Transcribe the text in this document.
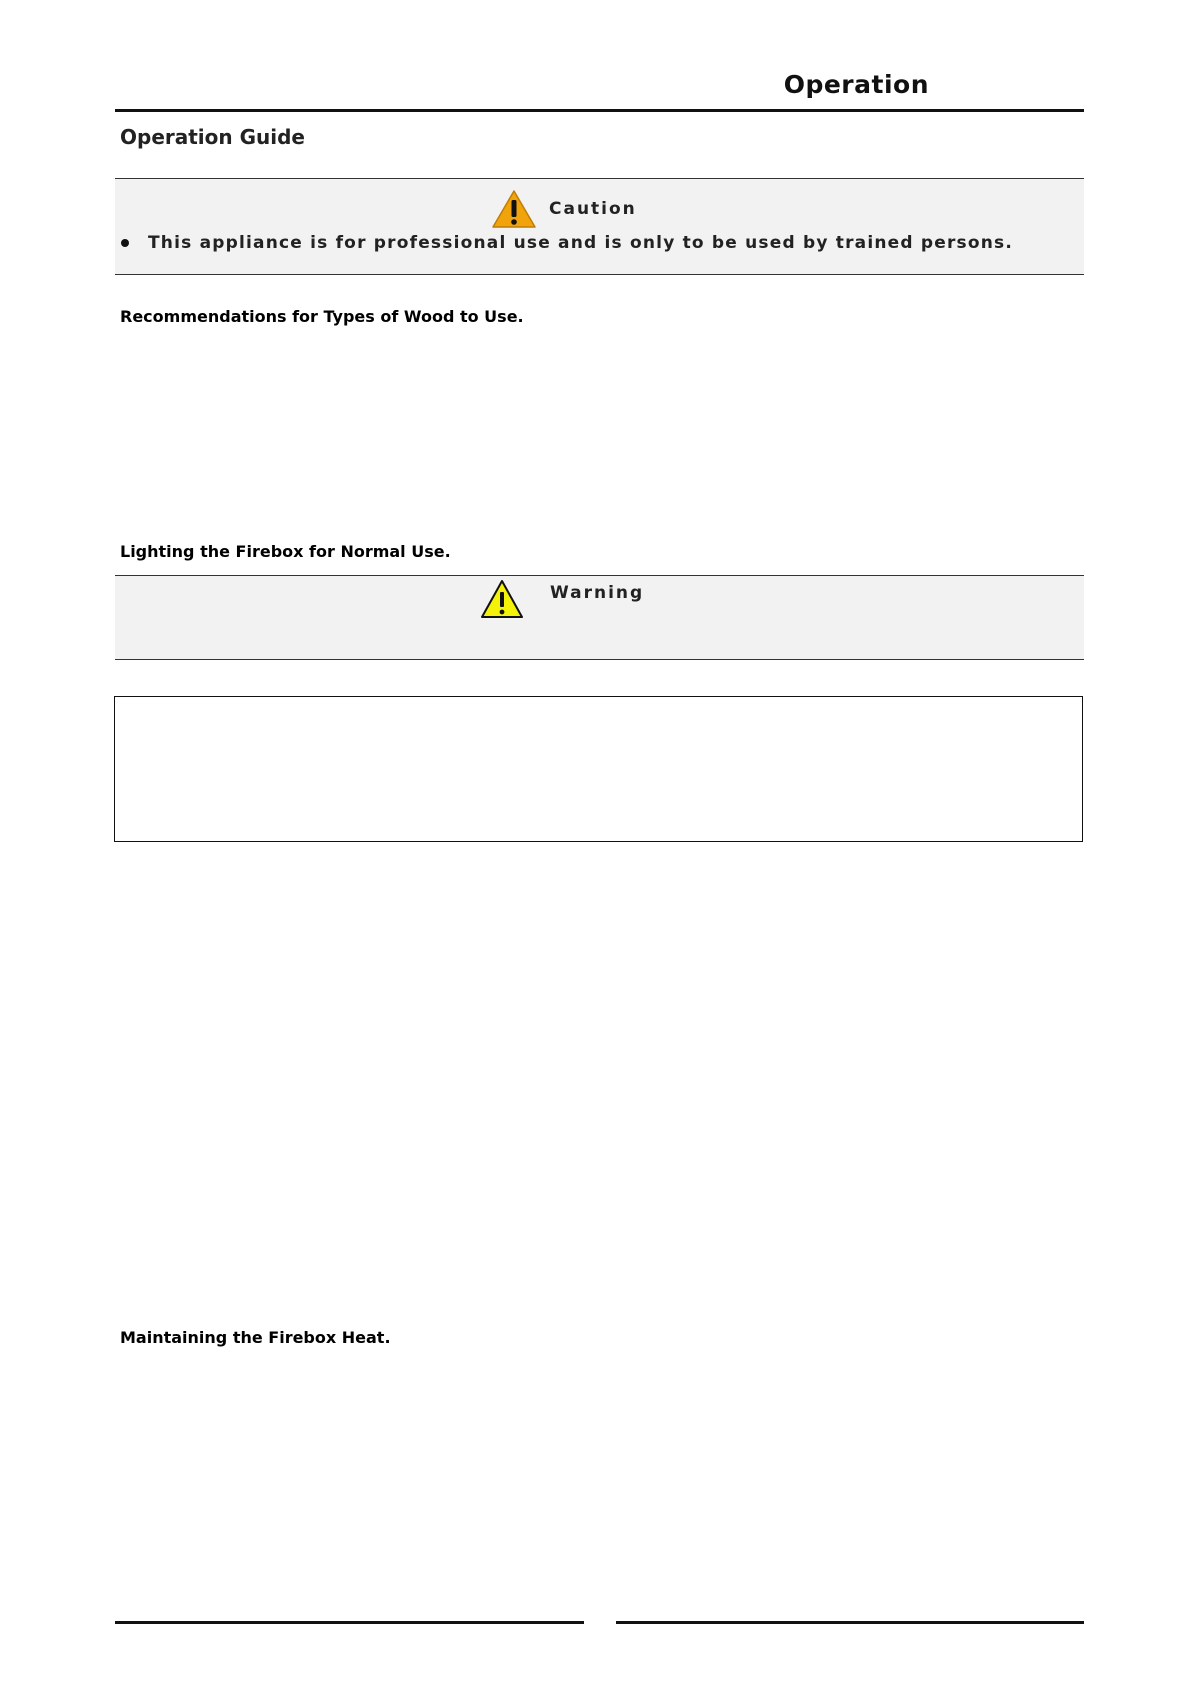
Operation
Operation Guide
Caution
This appliance is for professional use and is only to be used by trained persons.
Recommendations for Types of Wood to Use.
Lighting the Firebox for Normal Use.
Warning
Maintaining the Firebox Heat.
